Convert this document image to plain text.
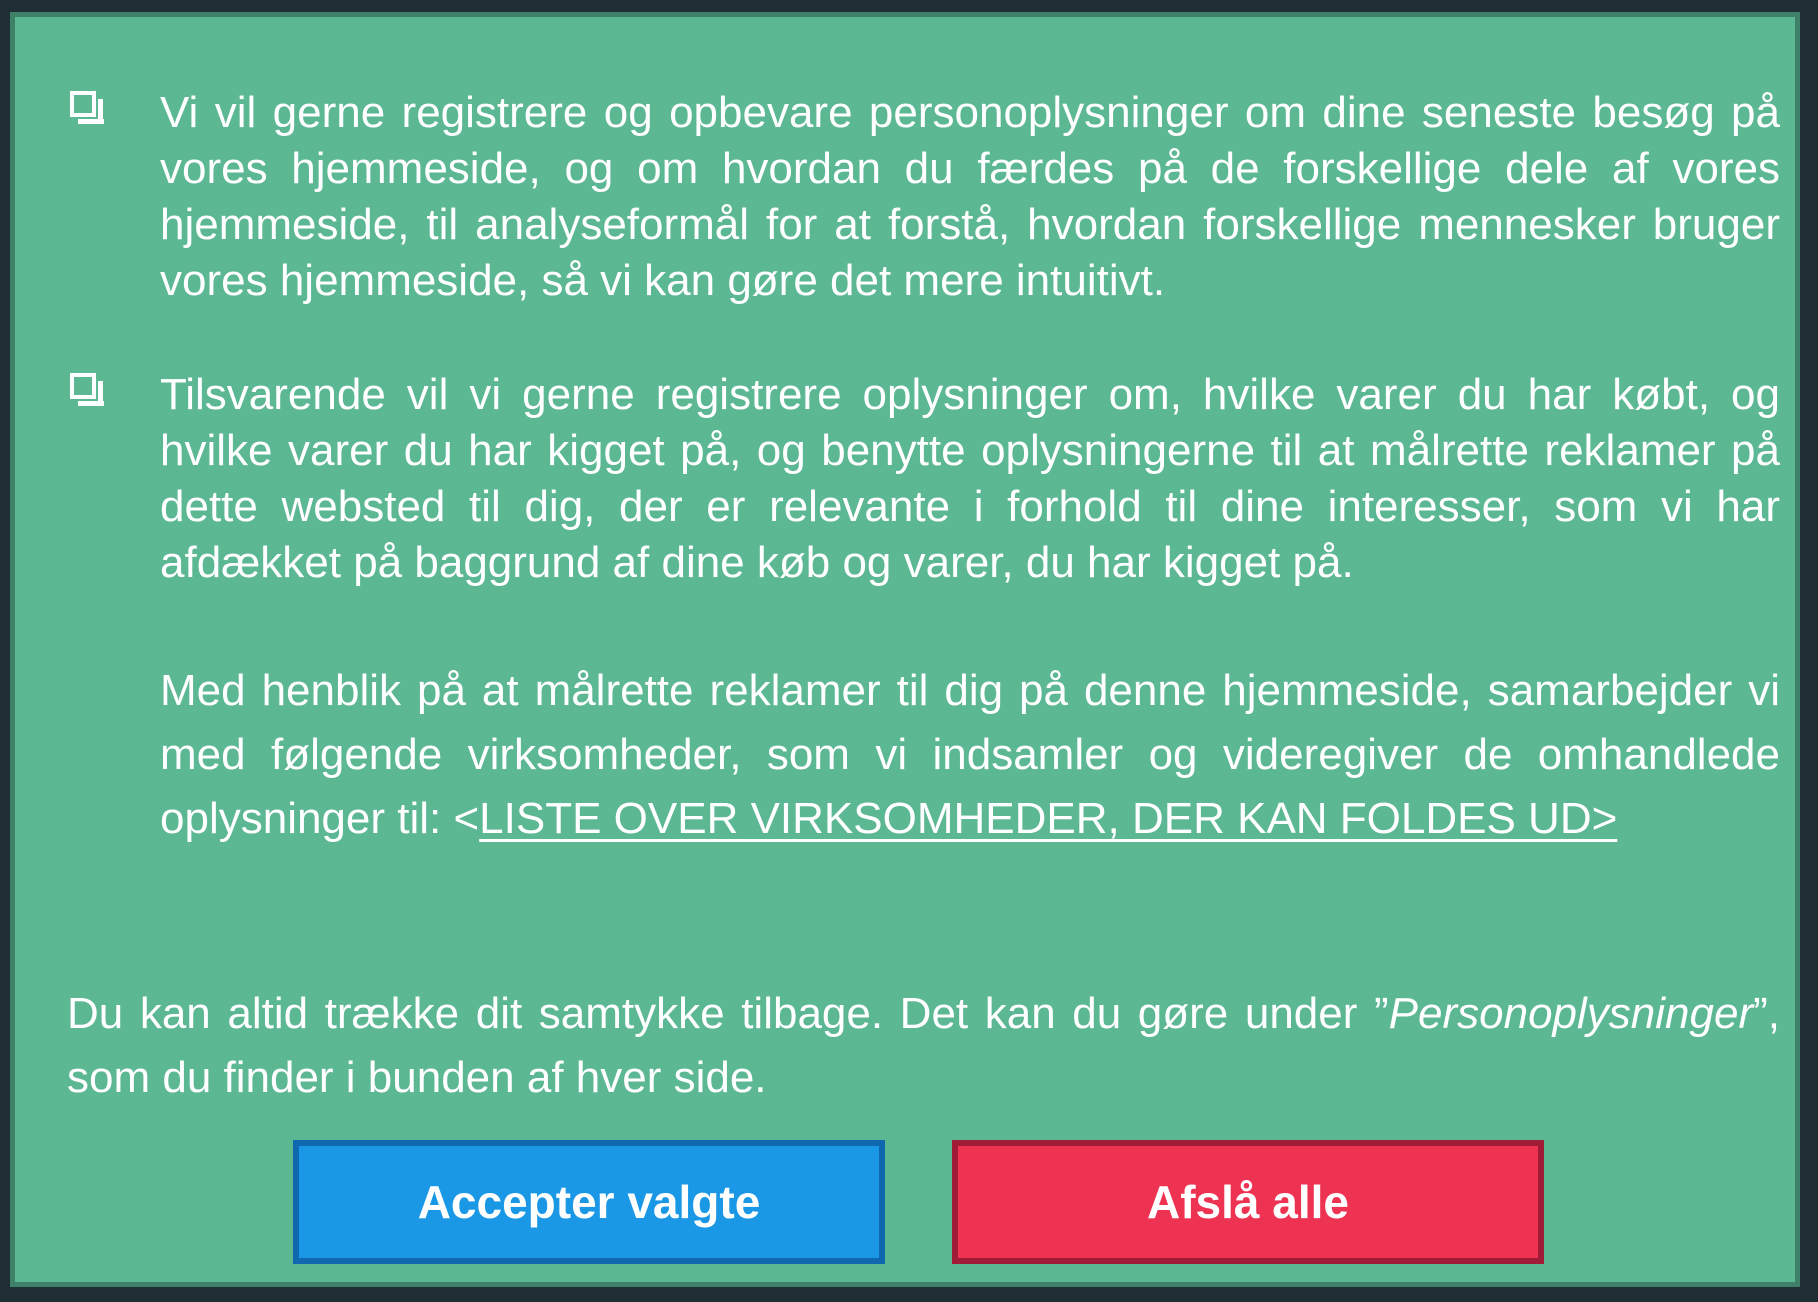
Vi vil gerne registrere og opbevare personoplysninger om dine seneste besøg på vores hjemmeside, og om hvordan du færdes på de forskellige dele af vores hjemmeside, til analyseformål for at forstå, hvordan forskellige mennesker bruger vores hjemmeside, så vi kan gøre det mere intuitivt.
Tilsvarende vil vi gerne registrere oplysninger om, hvilke varer du har købt, og hvilke varer du har kigget på, og benytte oplysningerne til at målrette reklamer på dette websted til dig, der er relevante i forhold til dine interesser, som vi har afdækket på baggrund af dine køb og varer, du har kigget på.
Med henblik på at målrette reklamer til dig på denne hjemmeside, samarbejder vi med følgende virksomheder, som vi indsamler og videregiver de omhandlede oplysninger til: <LISTE OVER VIRKSOMHEDER, DER KAN FOLDES UD>
Du kan altid trække dit samtykke tilbage. Det kan du gøre under ”Personoplysninger”, som du finder i bunden af hver side.
Accepter valgte	Afslå alle
